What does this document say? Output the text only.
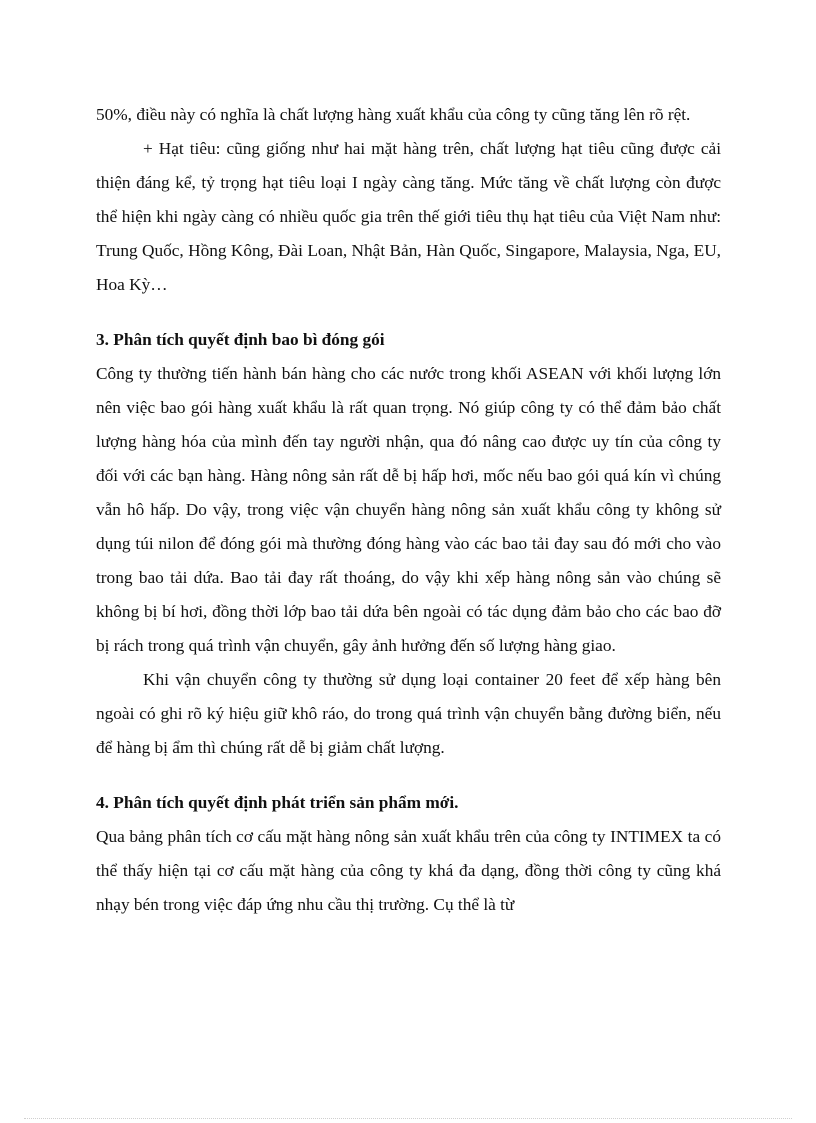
50%, điều này có nghĩa là chất lượng hàng xuất khẩu của công ty cũng tăng lên rõ rệt.

+ Hạt tiêu: cũng giống như hai mặt hàng trên, chất lượng hạt tiêu cũng được cải thiện đáng kể, tỷ trọng hạt tiêu loại I ngày càng tăng. Mức tăng về chất lượng còn được thể hiện khi ngày càng có nhiều quốc gia trên thế giới tiêu thụ hạt tiêu của Việt Nam như: Trung Quốc, Hồng Kông, Đài Loan, Nhật Bản, Hàn Quốc, Singapore, Malaysia, Nga, EU, Hoa Kỳ…

3. Phân tích quyết định bao bì đóng gói

Công ty thường tiến hành bán hàng cho các nước trong khối ASEAN với khối lượng lớn nên việc bao gói hàng xuất khẩu là rất quan trọng. Nó giúp công ty có thể đảm bảo chất lượng hàng hóa của mình đến tay người nhận, qua đó nâng cao được uy tín của công ty đối với các bạn hàng. Hàng nông sản rất dễ bị hấp hơi, mốc nếu bao gói quá kín vì chúng vẫn hô hấp. Do vậy, trong việc vận chuyển hàng nông sản xuất khẩu công ty không sử dụng túi nilon để đóng gói mà thường đóng hàng vào các bao tải đay sau đó mới cho vào trong bao tải dứa. Bao tải đay rất thoáng, do vậy khi xếp hàng nông sản vào chúng sẽ không bị bí hơi, đồng thời lớp bao tải dứa bên ngoài có tác dụng đảm bảo cho các bao đỡ bị rách trong quá trình vận chuyển, gây ảnh hưởng đến số lượng hàng giao.

Khi vận chuyển công ty thường sử dụng loại container 20 feet để xếp hàng bên ngoài có ghi rõ ký hiệu giữ khô ráo, do trong quá trình vận chuyển bằng đường biển, nếu để hàng bị ẩm thì chúng rất dễ bị giảm chất lượng.

4. Phân tích quyết định phát triển sản phẩm mới.

Qua bảng phân tích cơ cấu mặt hàng nông sản xuất khẩu trên của công ty INTIMEX ta có thể thấy hiện tại cơ cấu mặt hàng của công ty khá đa dạng, đồng thời công ty cũng khá nhạy bén trong việc đáp ứng nhu cầu thị trường. Cụ thể là từ
